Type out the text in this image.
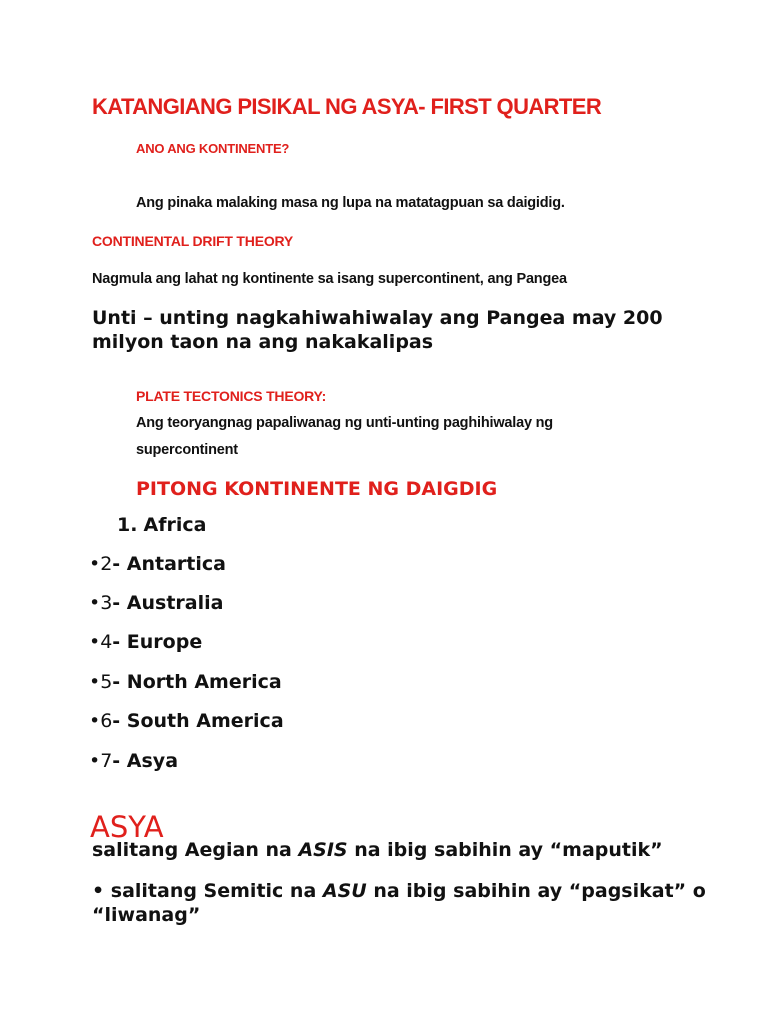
KATANGIANG PISIKAL NG ASYA- FIRST QUARTER
ANO ANG KONTINENTE?
Ang pinaka malaking masa ng lupa na matatagpuan sa daigidig.
CONTINENTAL DRIFT THEORY
Nagmula ang lahat ng kontinente sa isang supercontinent, ang Pangea
Unti – unting nagkahiwahiwalay ang Pangea may 200
milyon taon na ang nakakalipas
PLATE TECTONICS THEORY:
Ang teoryangnag papaliwanag ng unti-unting paghihiwalay ng
supercontinent
PITONG KONTINENTE NG DAIGDIG
1. Africa
•2- Antartica
•3- Australia
•4- Europe
•5- North America
•6- South America
•7- Asya
ASYA
salitang Aegian na ASIS na ibig sabihin ay “maputik”
• salitang Semitic na ASU na ibig sabihin ay “pagsikat” o
“liwanag”
